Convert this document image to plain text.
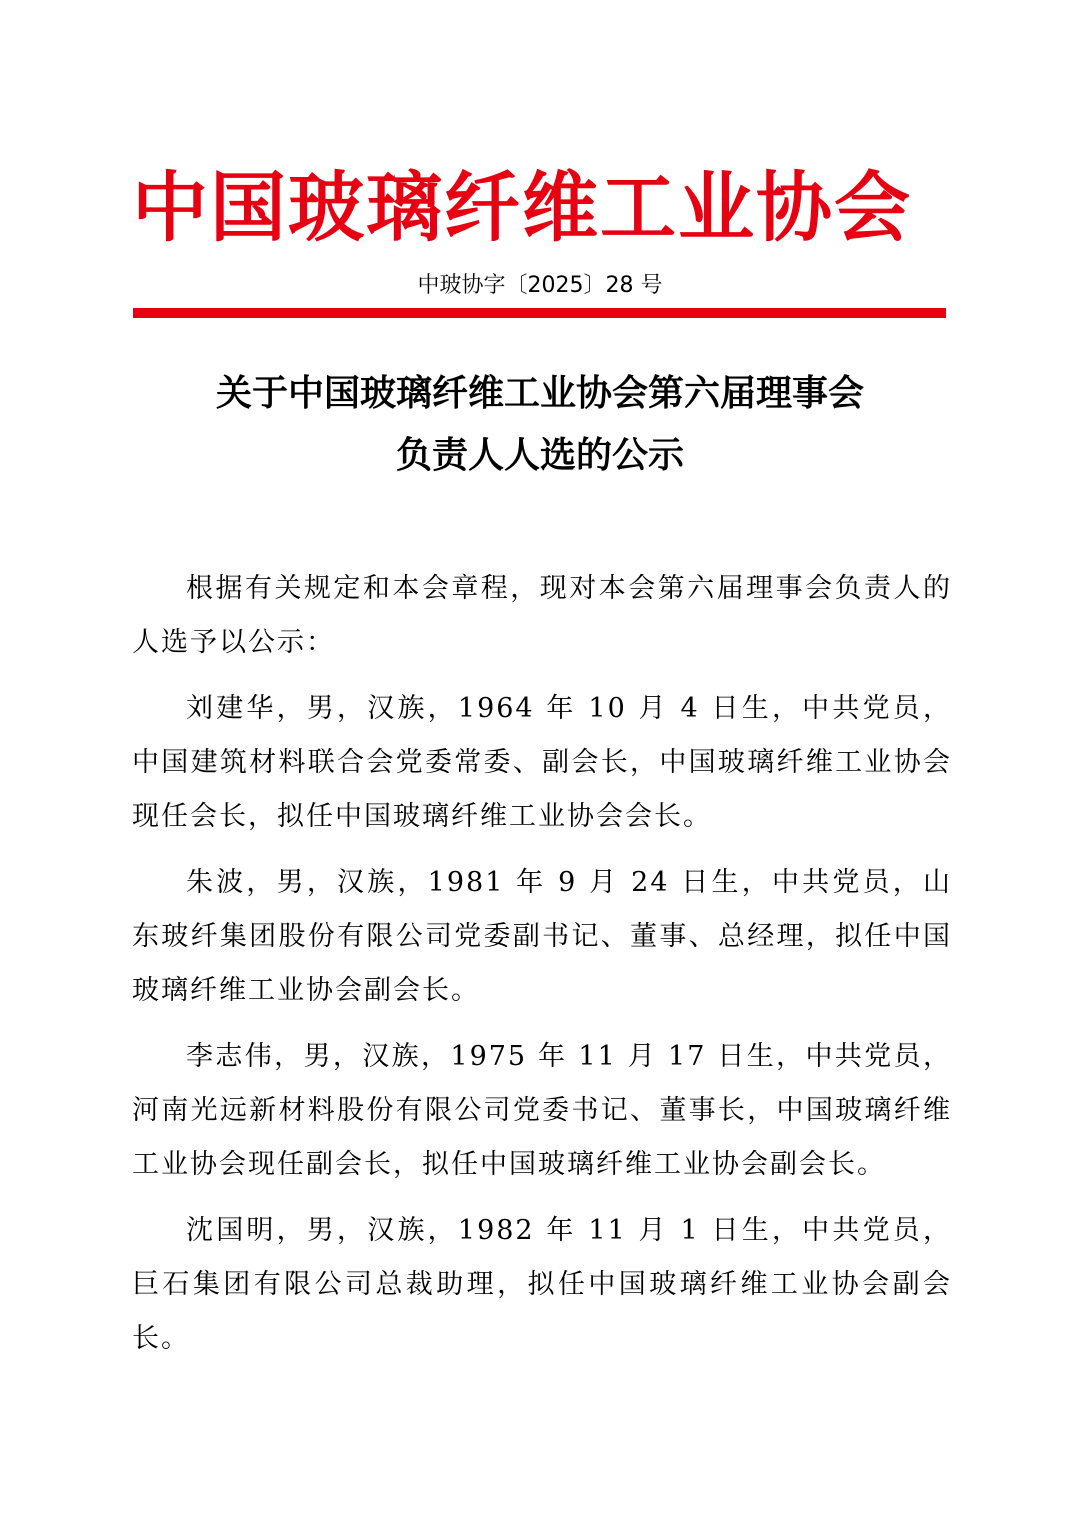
中国玻璃纤维工业协会
中玻协字〔2025〕28 号
关于中国玻璃纤维工业协会第六届理事会
负责人人选的公示

根据有关规定和本会章程，现对本会第六届理事会负责人的人选予以公示：

刘建华，男，汉族，1964 年 10 月 4 日生，中共党员，中国建筑材料联合会党委常委、副会长，中国玻璃纤维工业协会现任会长，拟任中国玻璃纤维工业协会会长。

朱波，男，汉族，1981 年 9 月 24 日生，中共党员，山东玻纤集团股份有限公司党委副书记、董事、总经理，拟任中国玻璃纤维工业协会副会长。

李志伟，男，汉族，1975 年 11 月 17 日生，中共党员，河南光远新材料股份有限公司党委书记、董事长，中国玻璃纤维工业协会现任副会长，拟任中国玻璃纤维工业协会副会长。

沈国明，男，汉族，1982 年 11 月 1 日生，中共党员，巨石集团有限公司总裁助理，拟任中国玻璃纤维工业协会副会长。
